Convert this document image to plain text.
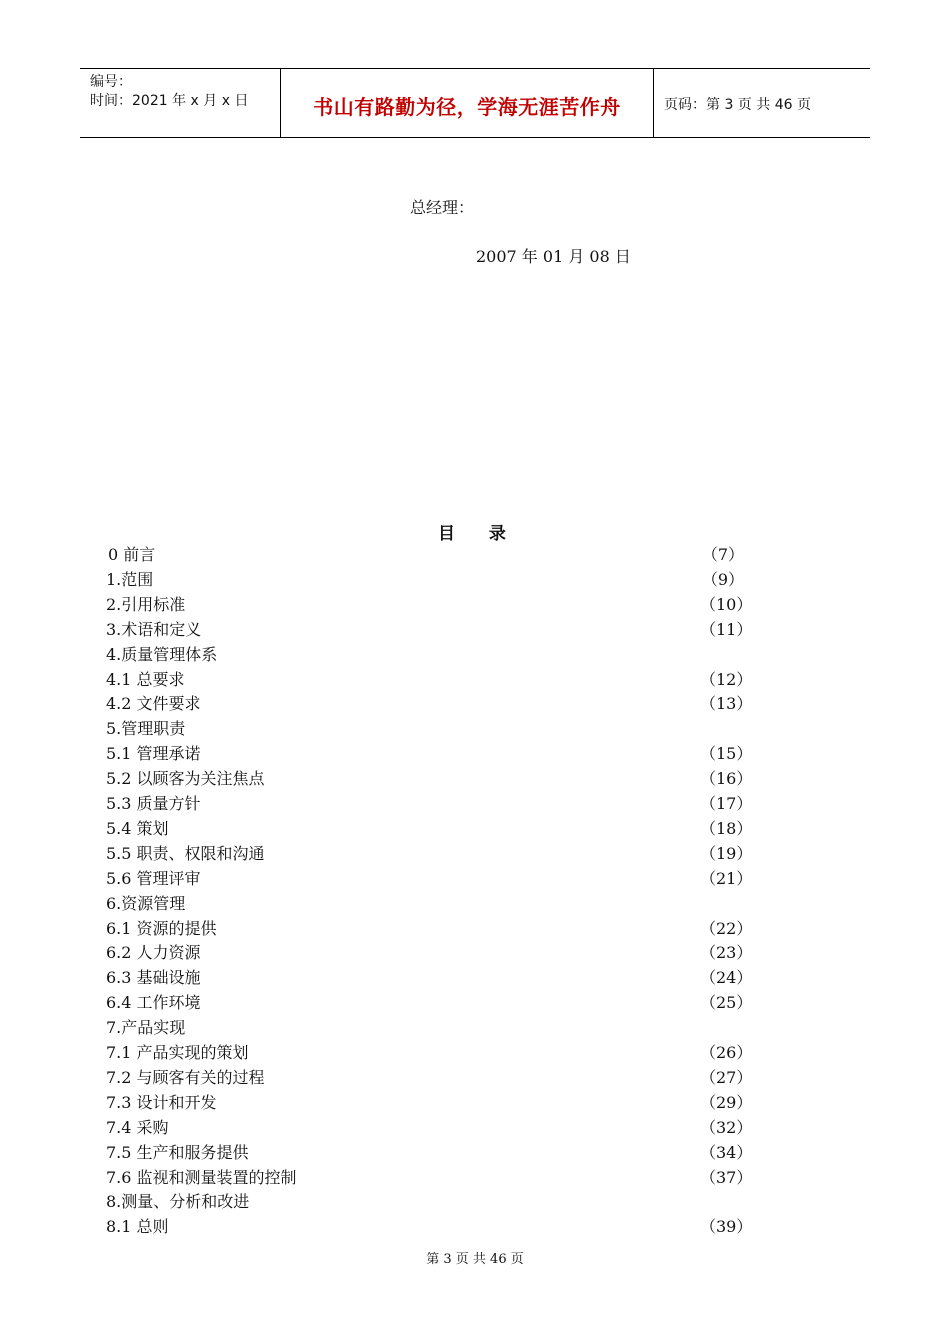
编号：
时间：2021 年 x 月 x 日	书山有路勤为径，学海无涯苦作舟	页码：第 3 页 共 46 页
总经理：
2007 年 01 月 08 日
目 录
0 前言	（7）
1.范围	（9）
2.引用标准	（10）
3.术语和定义	（11）
4.质量管理体系
4.1 总要求	（12）
4.2 文件要求	（13）
5.管理职责
5.1 管理承诺	（15）
5.2 以顾客为关注焦点	（16）
5.3 质量方针	（17）
5.4 策划	（18）
5.5 职责、权限和沟通	（19）
5.6 管理评审	（21）
6.资源管理
6.1 资源的提供	（22）
6.2 人力资源	（23）
6.3 基础设施	（24）
6.4 工作环境	（25）
7.产品实现
7.1 产品实现的策划	（26）
7.2 与顾客有关的过程	（27）
7.3 设计和开发	（29）
7.4 采购	（32）
7.5 生产和服务提供	（34）
7.6 监视和测量装置的控制	（37）
8.测量、分析和改进
8.1 总则	（39）
第 3 页 共 46 页
